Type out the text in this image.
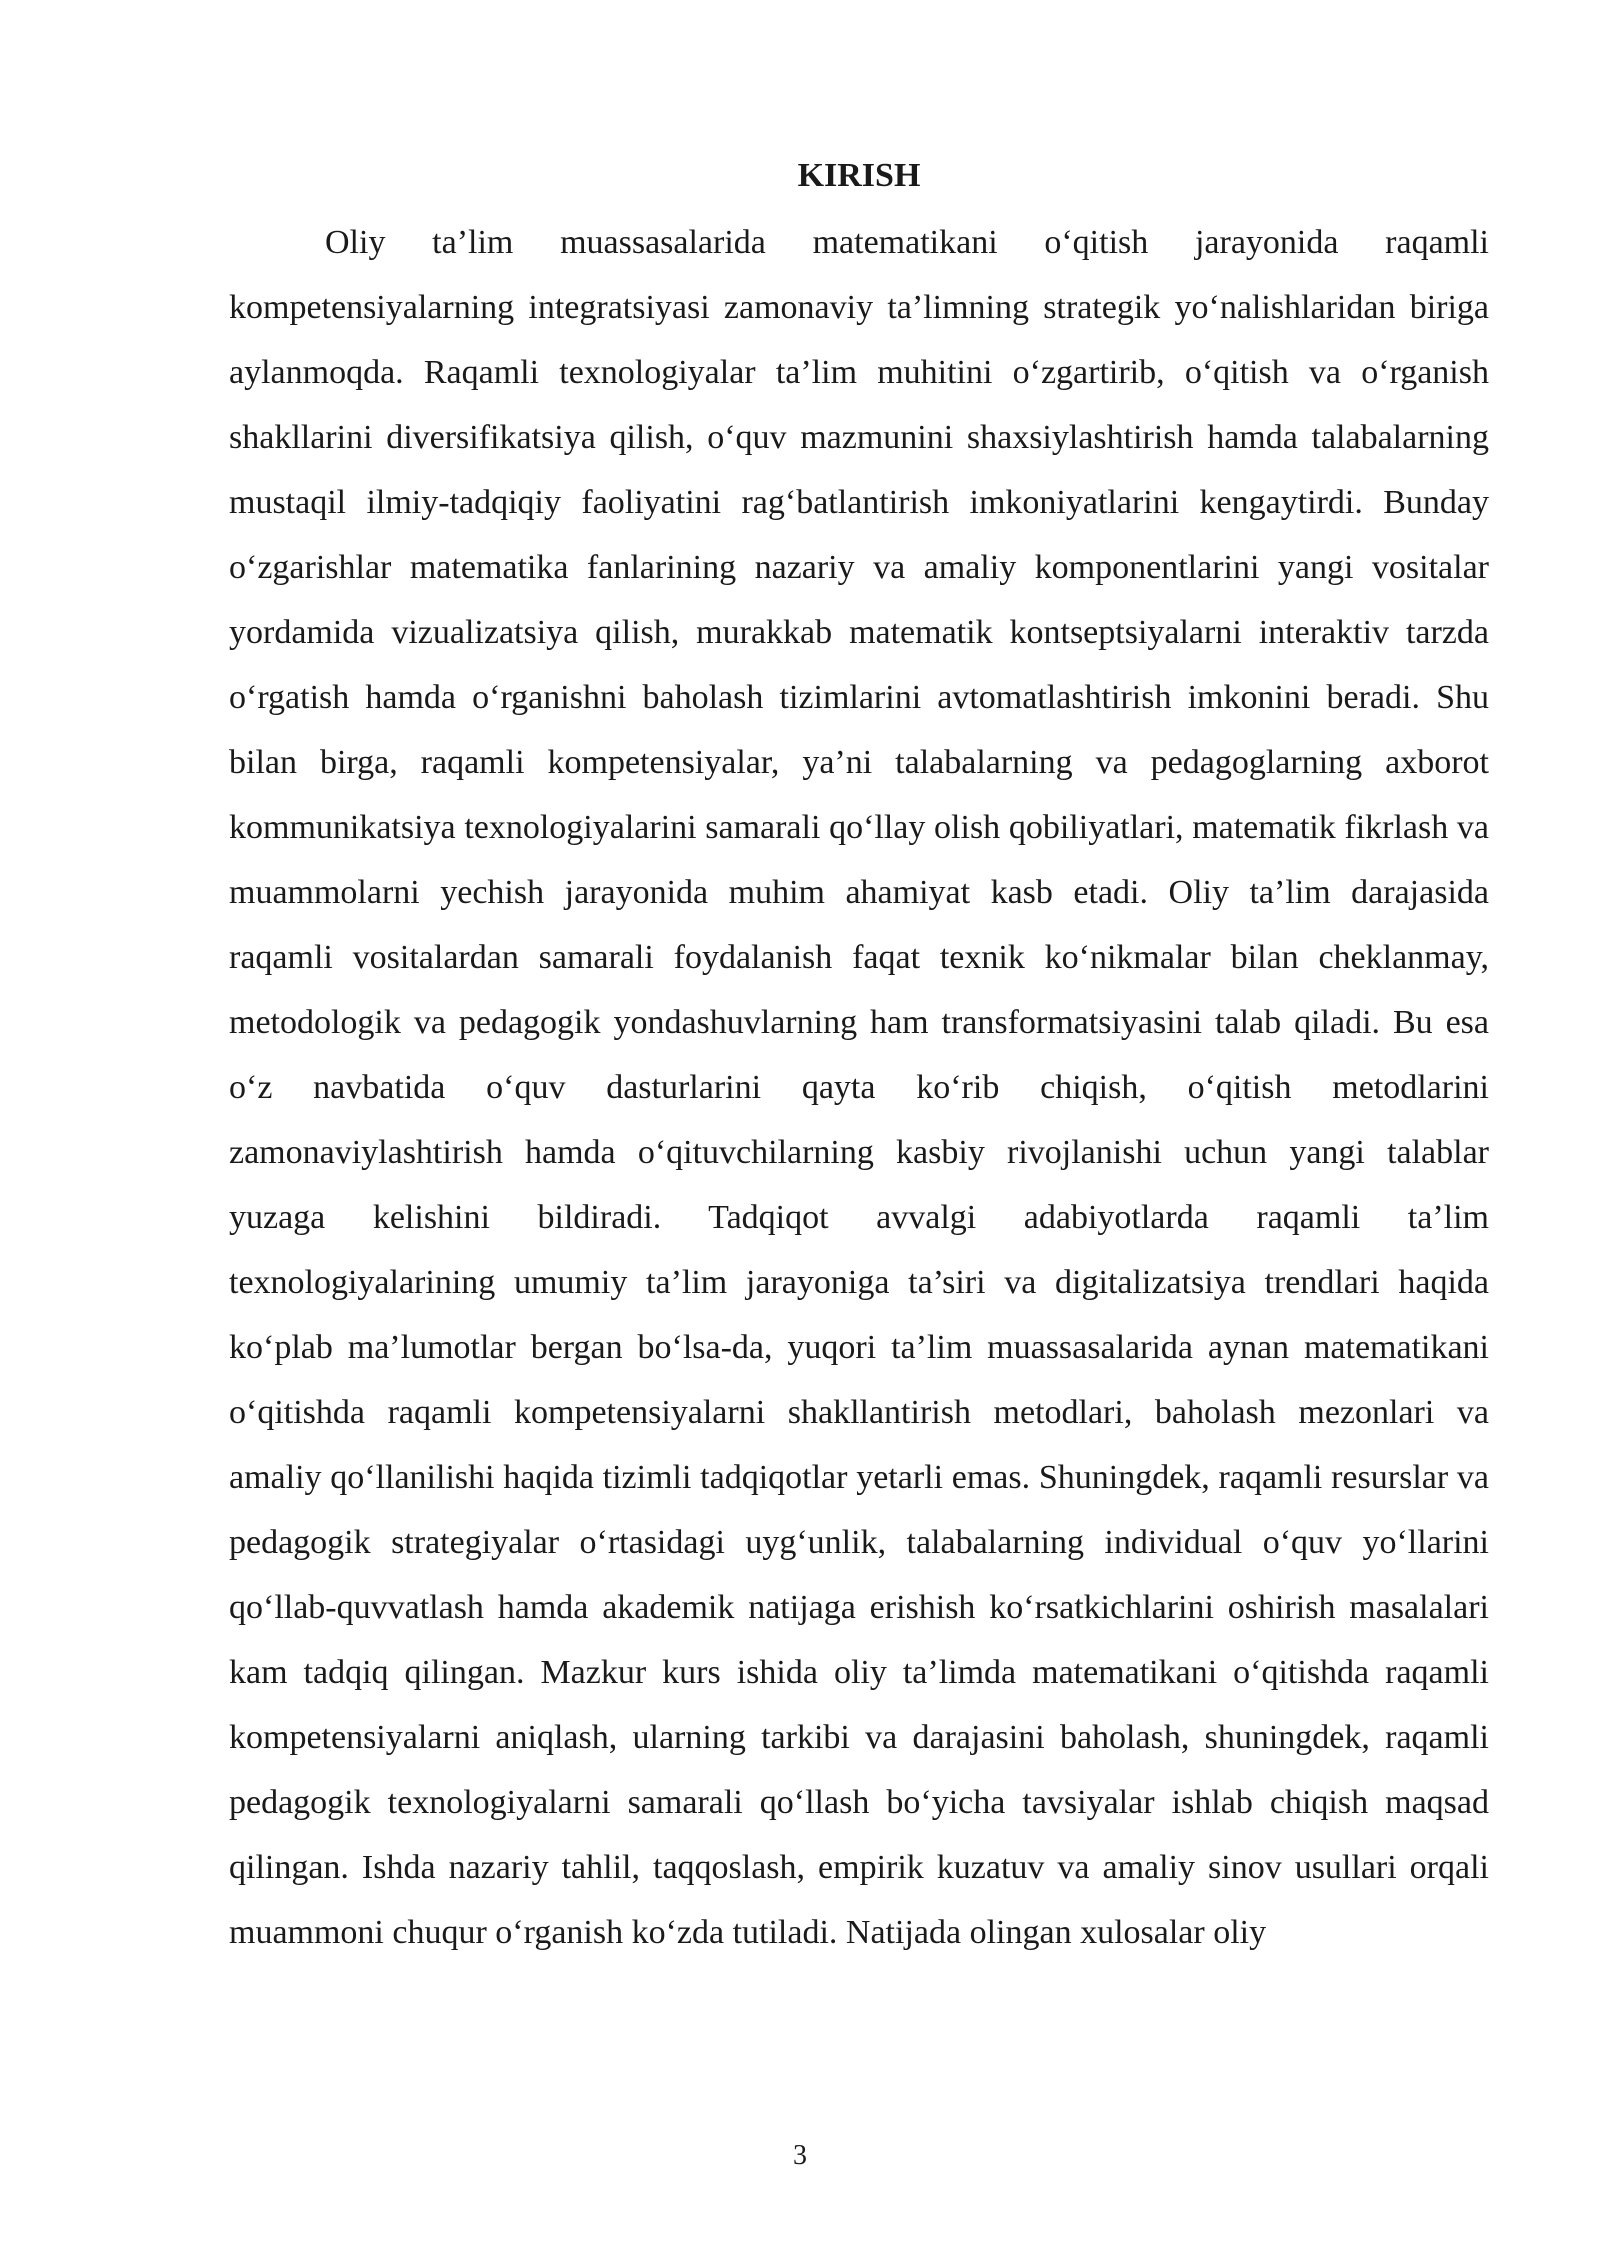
KIRISH

Oliy ta’lim muassasalarida matematikani o‘qitish jarayonida raqamli kompetensiyalarning integratsiyasi zamonaviy ta’limning strategik yo‘nalishlaridan biriga aylanmoqda. Raqamli texnologiyalar ta’lim muhitini o‘zgartirib, o‘qitish va o‘rganish shakllarini diversifikatsiya qilish, o‘quv mazmunini shaxsiylashtirish hamda talabalarning mustaqil ilmiy-tadqiqiy faoliyatini rag‘batlantirish imkoniyatlarini kengaytirdi. Bunday o‘zgarishlar matematika fanlarining nazariy va amaliy komponentlarini yangi vositalar yordamida vizualizatsiya qilish, murakkab matematik kontseptsiyalarni interaktiv tarzda o‘rgatish hamda o‘rganishni baholash tizimlarini avtomatlashtirish imkonini beradi. Shu bilan birga, raqamli kompetensiyalar, ya’ni talabalarning va pedagoglarning axborot kommunikatsiya texnologiyalarini samarali qo‘llay olish qobiliyatlari, matematik fikrlash va muammolarni yechish jarayonida muhim ahamiyat kasb etadi. Oliy ta’lim darajasida raqamli vositalardan samarali foydalanish faqat texnik ko‘nikmalar bilan cheklanmay, metodologik va pedagogik yondashuvlarning ham transformatsiyasini talab qiladi. Bu esa o‘z navbatida o‘quv dasturlarini qayta ko‘rib chiqish, o‘qitish metodlarini zamonaviylashtirish hamda o‘qituvchilarning kasbiy rivojlanishi uchun yangi talablar yuzaga kelishini bildiradi. Tadqiqot avvalgi adabiyotlarda raqamli ta’lim texnologiyalarining umumiy ta’lim jarayoniga ta’siri va digitalizatsiya trendlari haqida ko‘plab ma’lumotlar bergan bo‘lsa-da, yuqori ta’lim muassasalarida aynan matematikani o‘qitishda raqamli kompetensiyalarni shakllantirish metodlari, baholash mezonlari va amaliy qo‘llanilishi haqida tizimli tadqiqotlar yetarli emas. Shuningdek, raqamli resurslar va pedagogik strategiyalar o‘rtasidagi uyg‘unlik, talabalarning individual o‘quv yo‘llarini qo‘llab-quvvatlash hamda akademik natijaga erishish ko‘rsatkichlarini oshirish masalalari kam tadqiq qilingan. Mazkur kurs ishida oliy ta’limda matematikani o‘qitishda raqamli kompetensiyalarni aniqlash, ularning tarkibi va darajasini baholash, shuningdek, raqamli pedagogik texnologiyalarni samarali qo‘llash bo‘yicha tavsiyalar ishlab chiqish maqsad qilingan. Ishda nazariy tahlil, taqqoslash, empirik kuzatuv va amaliy sinov usullari orqali muammoni chuqur o‘rganish ko‘zda tutiladi. Natijada olingan xulosalar oliy

3
